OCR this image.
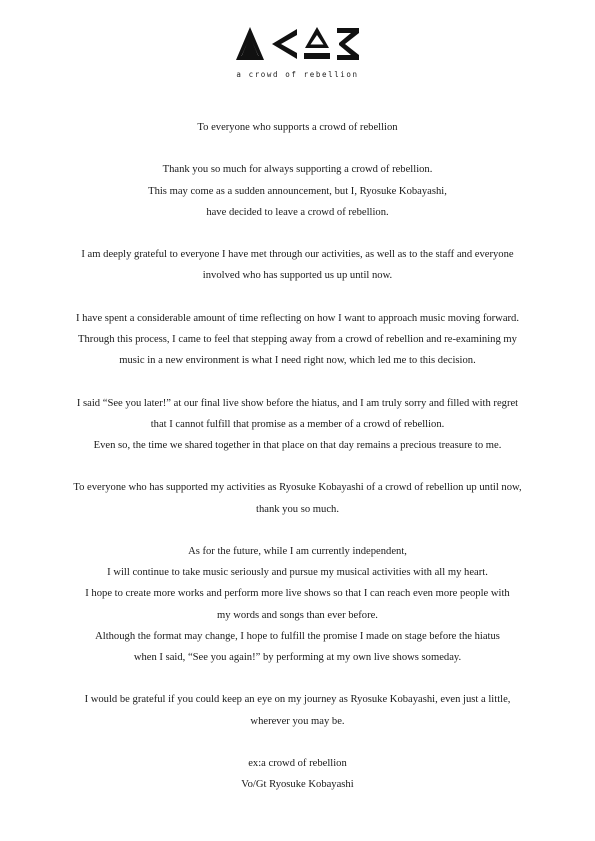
a crowd of rebellion
To everyone who supports a crowd of rebellion
Thank you so much for always supporting a crowd of rebellion.
This may come as a sudden announcement, but I, Ryosuke Kobayashi,
have decided to leave a crowd of rebellion.
I am deeply grateful to everyone I have met through our activities, as well as to the staff and everyone
involved who has supported us up until now.
I have spent a considerable amount of time reflecting on how I want to approach music moving forward.
Through this process, I came to feel that stepping away from a crowd of rebellion and re-examining my
music in a new environment is what I need right now, which led me to this decision.
I said “See you later!” at our final live show before the hiatus, and I am truly sorry and filled with regret
that I cannot fulfill that promise as a member of a crowd of rebellion.
Even so, the time we shared together in that place on that day remains a precious treasure to me.
To everyone who has supported my activities as Ryosuke Kobayashi of a crowd of rebellion up until now,
thank you so much.
As for the future, while I am currently independent,
I will continue to take music seriously and pursue my musical activities with all my heart.
I hope to create more works and perform more live shows so that I can reach even more people with
my words and songs than ever before.
Although the format may change, I hope to fulfill the promise I made on stage before the hiatus
when I said, “See you again!” by performing at my own live shows someday.
I would be grateful if you could keep an eye on my journey as Ryosuke Kobayashi, even just a little,
wherever you may be.
ex:a crowd of rebellion
Vo/Gt Ryosuke Kobayashi
